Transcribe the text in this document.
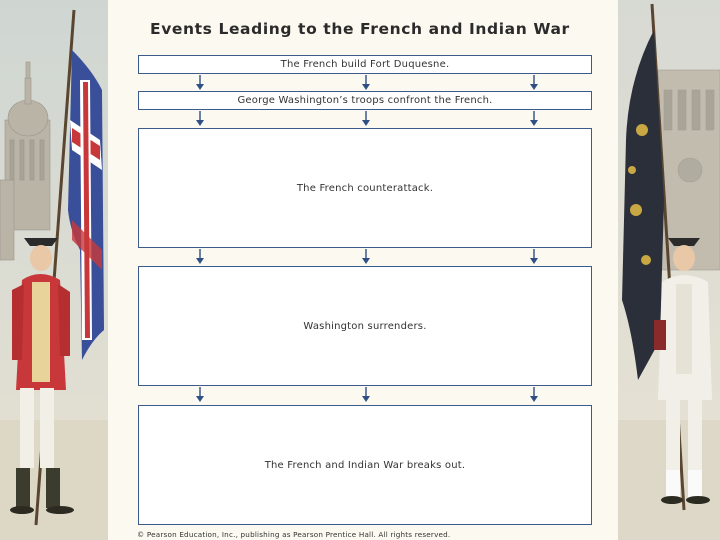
Events Leading to the French and Indian War
The French build Fort Duquesne.
George Washington’s troops confront the French.
The French counterattack.
Washington surrenders.
The French and Indian War breaks out.
© Pearson Education, Inc., publishing as Pearson Prentice Hall. All rights reserved.
